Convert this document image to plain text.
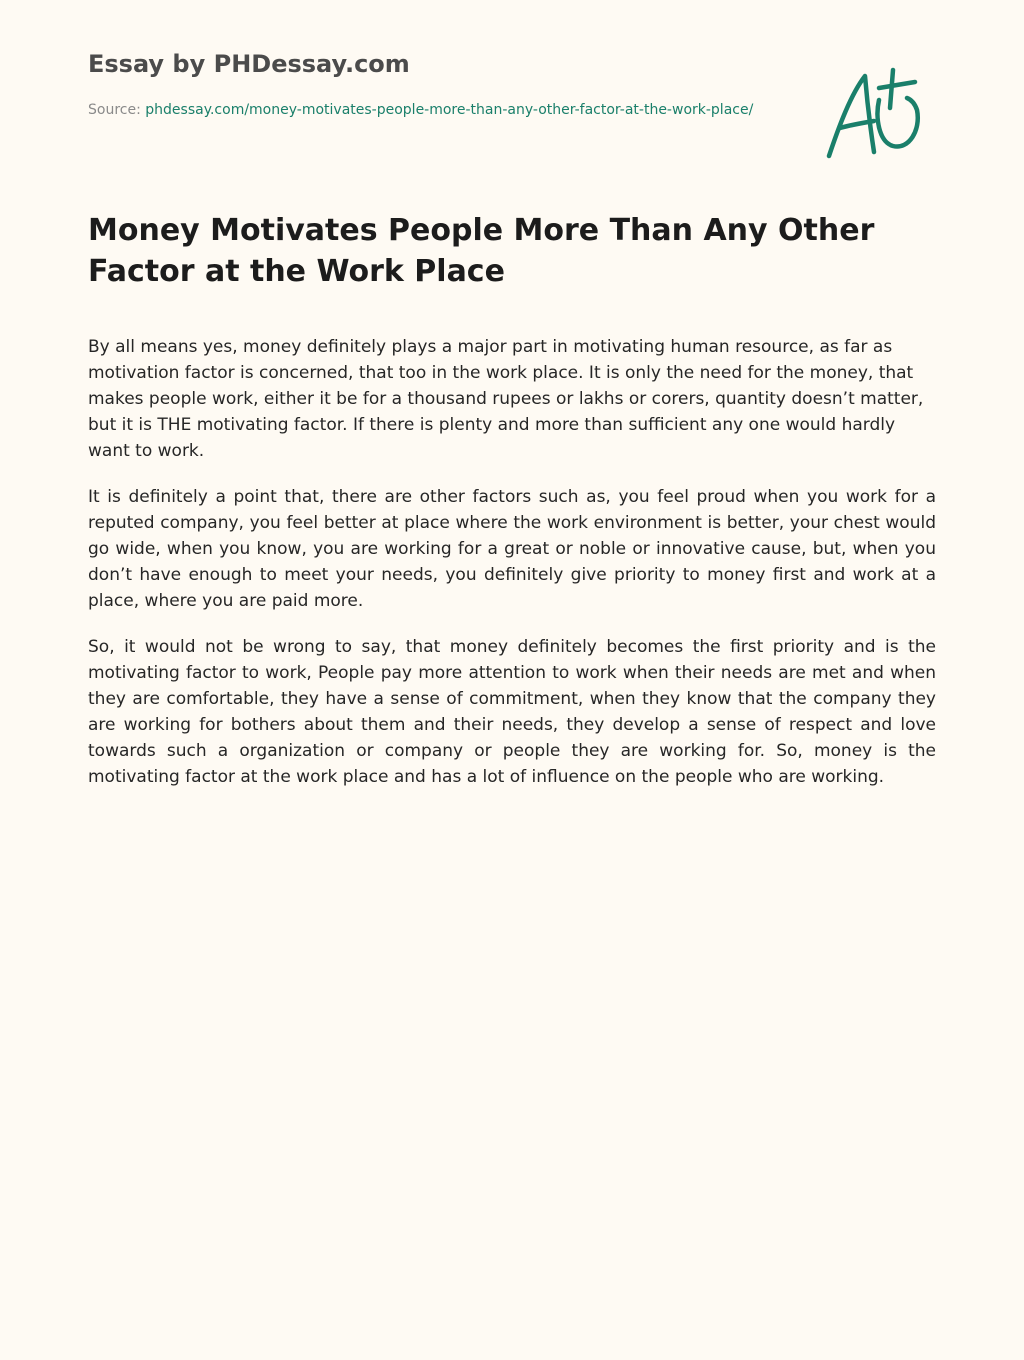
Essay by PHDessay.com
Source: phdessay.com/money-motivates-people-more-than-any-other-factor-at-the-work-place/
Money Motivates People More Than Any Other Factor at the Work Place

By all means yes, money definitely plays a major part in motivating human resource, as far as motivation factor is concerned, that too in the work place. It is only the need for the money, that makes people work, either it be for a thousand rupees or lakhs or corers, quantity doesn’t matter, but it is THE motivating factor. If there is plenty and more than sufficient any one would hardly want to work.

It is definitely a point that, there are other factors such as, you feel proud when you work for a reputed company, you feel better at place where the work environment is better, your chest would go wide, when you know, you are working for a great or noble or innovative cause, but, when you don’t have enough to meet your needs, you definitely give priority to money first and work at a place, where you are paid more.

So, it would not be wrong to say, that money definitely becomes the first priority and is the motivating factor to work, People pay more attention to work when their needs are met and when they are comfortable, they have a sense of commitment, when they know that the company they are working for bothers about them and their needs, they develop a sense of respect and love towards such a organization or company or people they are working for. So, money is the motivating factor at the work place and has a lot of influence on the people who are working.
